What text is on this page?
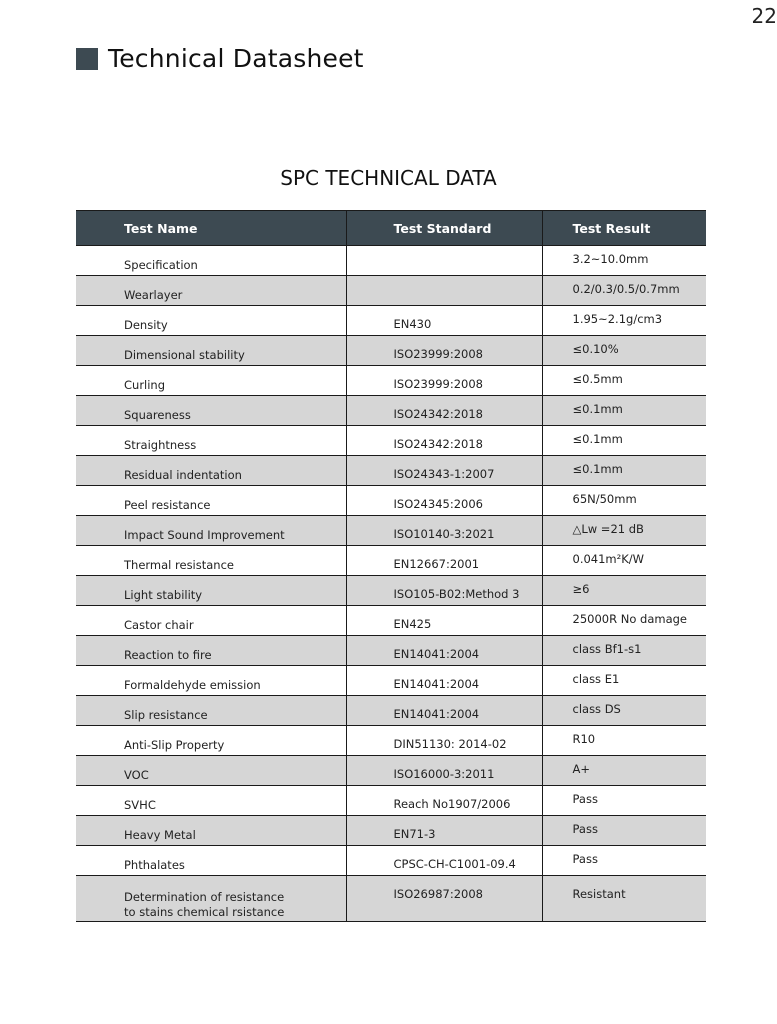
22
Technical Datasheet
SPC TECHNICAL DATA
Test Name	Test Standard	Test Result
Specification		3.2~10.0mm
Wearlayer		0.2/0.3/0.5/0.7mm
Density	EN430	1.95~2.1g/cm3
Dimensional stability	ISO23999:2008	≤0.10%
Curling	ISO23999:2008	≤0.5mm
Squareness	ISO24342:2018	≤0.1mm
Straightness	ISO24342:2018	≤0.1mm
Residual indentation	ISO24343-1:2007	≤0.1mm
Peel resistance	ISO24345:2006	65N/50mm
Impact Sound Improvement	ISO10140-3:2021	△Lw =21 dB
Thermal resistance	EN12667:2001	0.041m²K/W
Light stability	ISO105-B02:Method 3	≥6
Castor chair	EN425	25000R No damage
Reaction to fire	EN14041:2004	class Bf1-s1
Formaldehyde emission	EN14041:2004	class E1
Slip resistance	EN14041:2004	class DS
Anti-Slip Property	DIN51130: 2014-02	R10
VOC	ISO16000-3:2011	A+
SVHC	Reach No1907/2006	Pass
Heavy Metal	EN71-3	Pass
Phthalates	CPSC-CH-C1001-09.4	Pass
Determination of resistance
to stains chemical rsistance	ISO26987:2008	Resistant
